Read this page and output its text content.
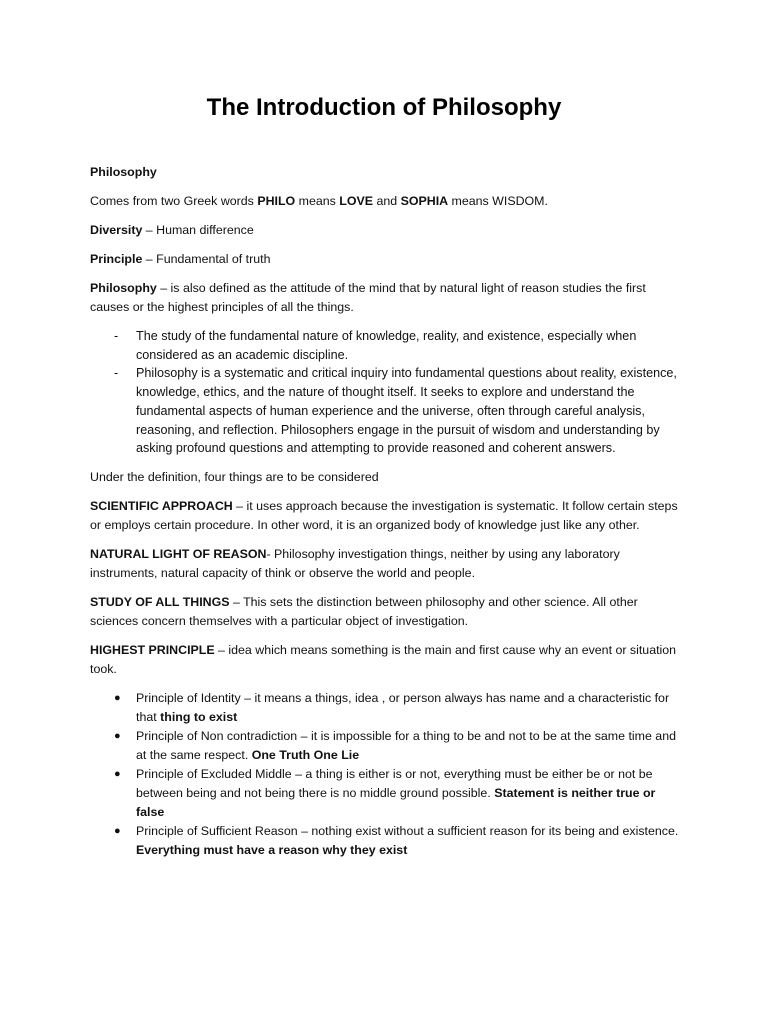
The Introduction of Philosophy

Philosophy

Comes from two Greek words PHILO means LOVE and SOPHIA means WISDOM.

Diversity – Human difference

Principle – Fundamental of truth

Philosophy – is also defined as the attitude of the mind that by natural light of reason studies the first causes or the highest principles of all the things.

- The study of the fundamental nature of knowledge, reality, and existence, especially when considered as an academic discipline.
- Philosophy is a systematic and critical inquiry into fundamental questions about reality, existence, knowledge, ethics, and the nature of thought itself. It seeks to explore and understand the fundamental aspects of human experience and the universe, often through careful analysis, reasoning, and reflection. Philosophers engage in the pursuit of wisdom and understanding by asking profound questions and attempting to provide reasoned and coherent answers.

Under the definition, four things are to be considered

SCIENTIFIC APPROACH – it uses approach because the investigation is systematic. It follow certain steps or employs certain procedure. In other word, it is an organized body of knowledge just like any other.

NATURAL LIGHT OF REASON- Philosophy investigation things, neither by using any laboratory instruments, natural capacity of think or observe the world and people.

STUDY OF ALL THINGS – This sets the distinction between philosophy and other science. All other sciences concern themselves with a particular object of investigation.

HIGHEST PRINCIPLE – idea which means something is the main and first cause why an event or situation took.

● Principle of Identity – it means a things, idea , or person always has name and a characteristic for that thing to exist
● Principle of Non contradiction – it is impossible for a thing to be and not to be at the same time and at the same respect. One Truth One Lie
● Principle of Excluded Middle – a thing is either is or not, everything must be either be or not be between being and not being there is no middle ground possible. Statement is neither true or false
● Principle of Sufficient Reason – nothing exist without a sufficient reason for its being and existence. Everything must have a reason why they exist
